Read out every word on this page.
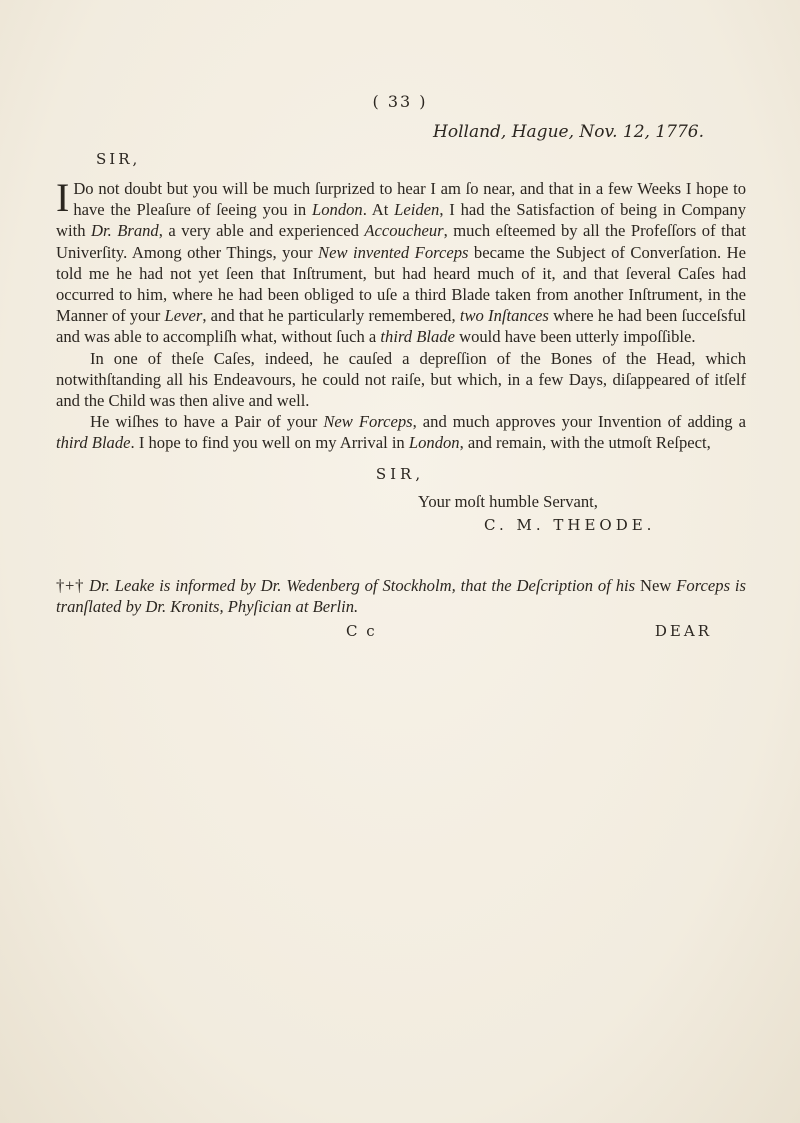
( 33 )
Holland, Hague, Nov. 12, 1776.
SIR,

I Do not doubt but you will be much ſurprized to hear I am ſo near, and that in a few Weeks I hope to have the Pleaſure of ſeeing you in London. At Leiden, I had the Satisfaction of being in Company with Dr. Brand, a very able and experienced Accoucheur, much eſteemed by all the Profeſſors of that Univerſity. Among other Things, your New invented Forceps became the Subject of Converſation. He told me he had not yet ſeen that Inſtrument, but had heard much of it, and that ſeveral Caſes had occurred to him, where he had been obliged to uſe a third Blade taken from another Inſtrument, in the Manner of your Lever, and that he particularly remembered, two Inſtances where he had been ſucceſsful and was able to accompliſh what, without ſuch a third Blade would have been utterly impoſſible.

In one of theſe Caſes, indeed, he cauſed a depreſſion of the Bones of the Head, which notwithſtanding all his Endeavours, he could not raiſe, but which, in a few Days, diſappeared of itſelf and the Child was then alive and well.

He wiſhes to have a Pair of your New Forceps, and much approves your Invention of adding a third Blade. I hope to find you well on my Arrival in London, and remain, with the utmoſt Reſpect,

SIR,
Your moſt humble Servant,
C. M. THEODE.
†+† Dr. Leake is informed by Dr. Wedenberg of Stockholm, that the Deſcription of his New Forceps is tranſlated by Dr. Kronits, Phyſician at Berlin.
C c	DEAR
